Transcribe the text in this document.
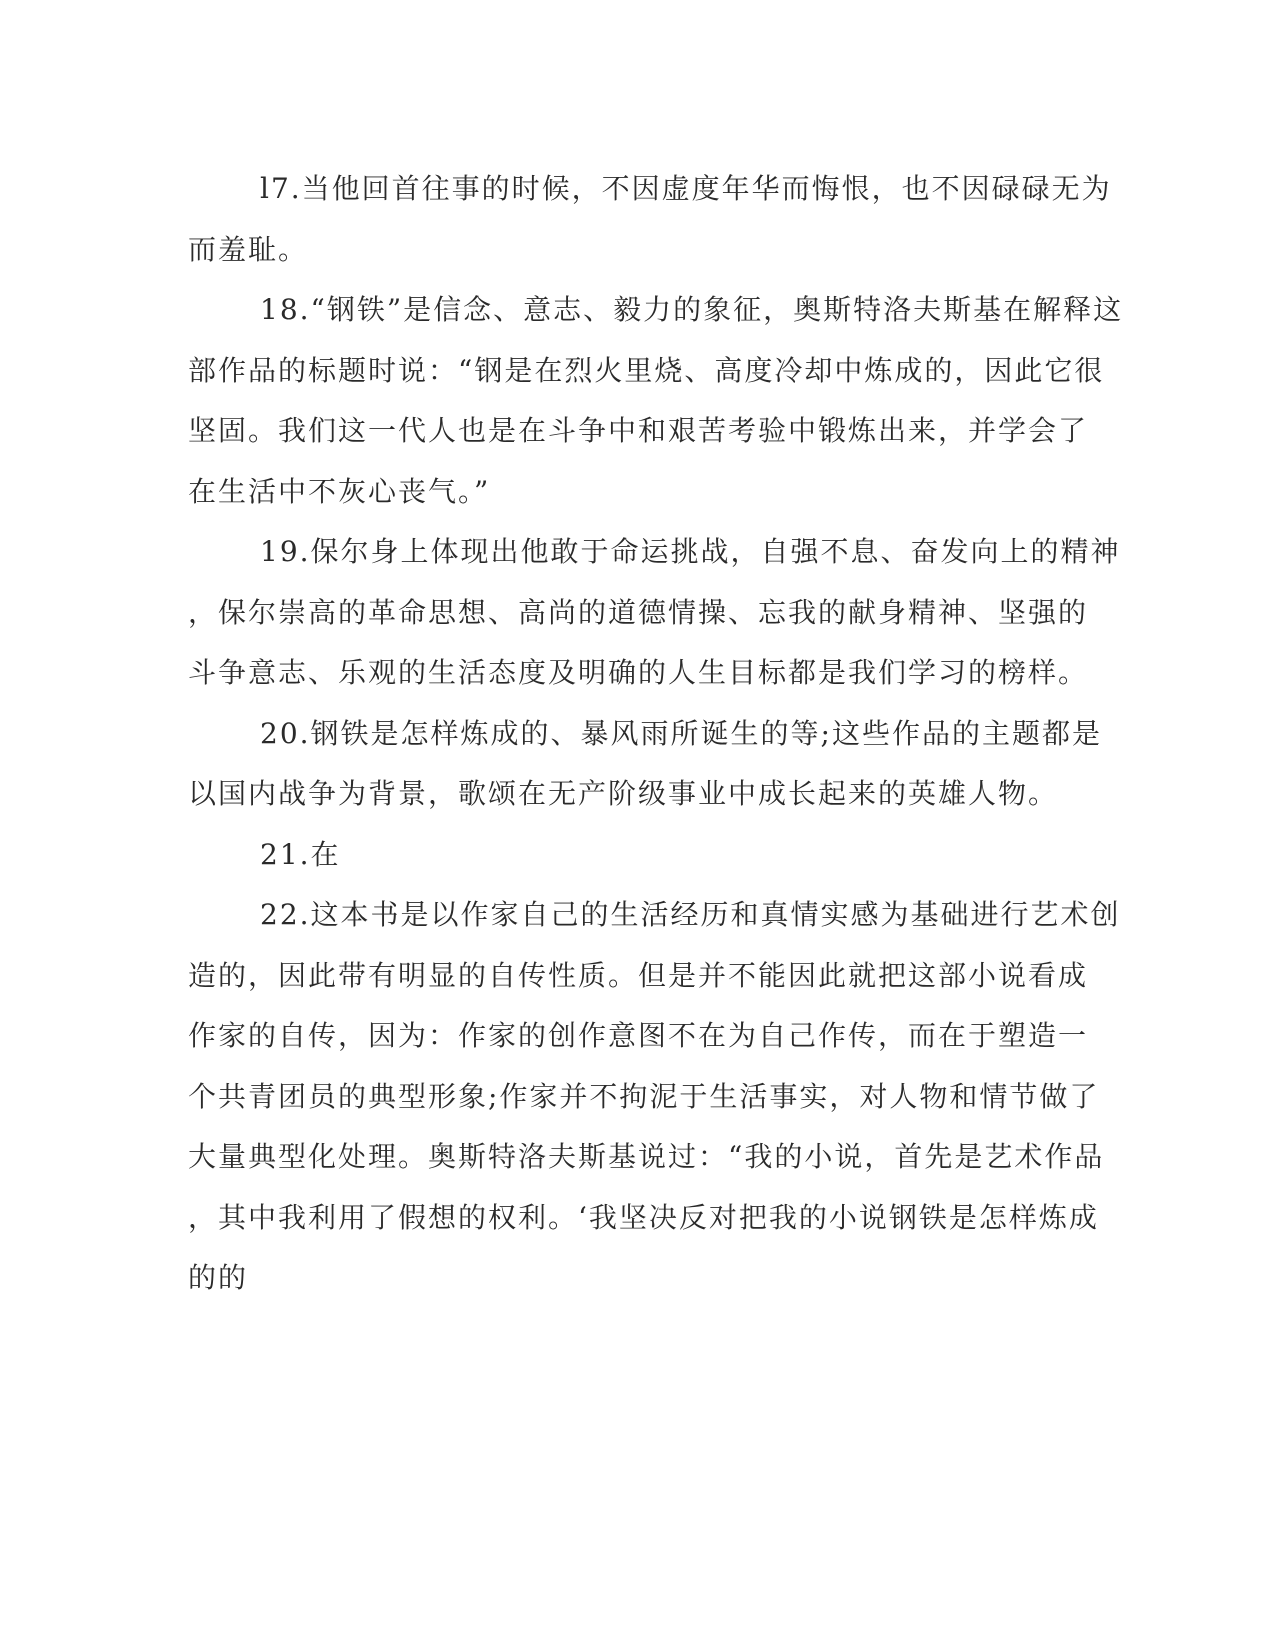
l7.当他回首往事的时候，不因虚度年华而悔恨，也不因碌碌无为
而羞耻。
18.“钢铁”是信念、意志、毅力的象征，奥斯特洛夫斯基在解释这
部作品的标题时说：“钢是在烈火里烧、高度冷却中炼成的，因此它很
坚固。我们这一代人也是在斗争中和艰苦考验中锻炼出来，并学会了
在生活中不灰心丧气。”
19.保尔身上体现出他敢于命运挑战，自强不息、奋发向上的精神
，保尔崇高的革命思想、高尚的道德情操、忘我的献身精神、坚强的
斗争意志、乐观的生活态度及明确的人生目标都是我们学习的榜样。
20.钢铁是怎样炼成的、暴风雨所诞生的等;这些作品的主题都是
以国内战争为背景，歌颂在无产阶级事业中成长起来的英雄人物。
21.在
22.这本书是以作家自己的生活经历和真情实感为基础进行艺术创
造的，因此带有明显的自传性质。但是并不能因此就把这部小说看成
作家的自传，因为：作家的创作意图不在为自己作传，而在于塑造一
个共青团员的典型形象;作家并不拘泥于生活事实，对人物和情节做了
大量典型化处理。奥斯特洛夫斯基说过：“我的小说，首先是艺术作品
，其中我利用了假想的权利。‘我坚决反对把我的小说钢铁是怎样炼成
的的
